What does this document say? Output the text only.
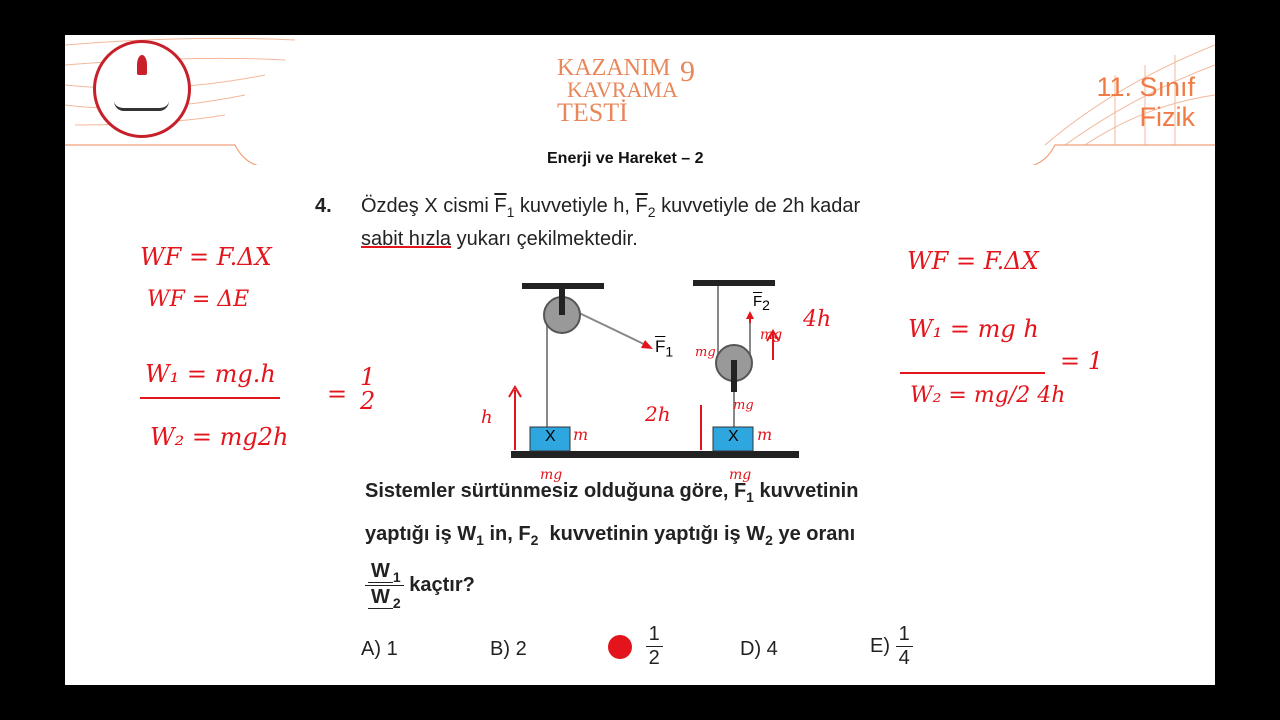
KAZANIM
KAVRAMA
TESTİ
9	11. Sınıf
Fizik
Enerji ve Hareket – 2
4. Özdeş X cismi $\overline{F}_1$ kuvvetiyle h, $\overline{F}_2$ kuvvetiyle de 2h kadar
sabit hızla yukarı çekilmektedir.
X	X
$\overline{F}_1$
$\overline{F}_2$
Sistemler sürtünmesiz olduğuna göre, $F_1$ kuvvetinin
yaptığı iş $W_1$ in, $F_2$  kuvvetinin yaptığı iş $W_2$ ye oranı
$\frac{W _1}{W _2}$ kaçtır?
A) 1	B) 2
	$\frac{1}{2}$	D) 4	$E) \frac{1}{4}$
WF = F.ΔX
WF = ΔE
W₁ = mg.h
W₂ = mg2h
=
1
2
WF = F.ΔX
W₁ = mg h
W₂ = mg/2 4h
= 1
h	2h
4h
m	m
mg
mg
mg
mg	mg
